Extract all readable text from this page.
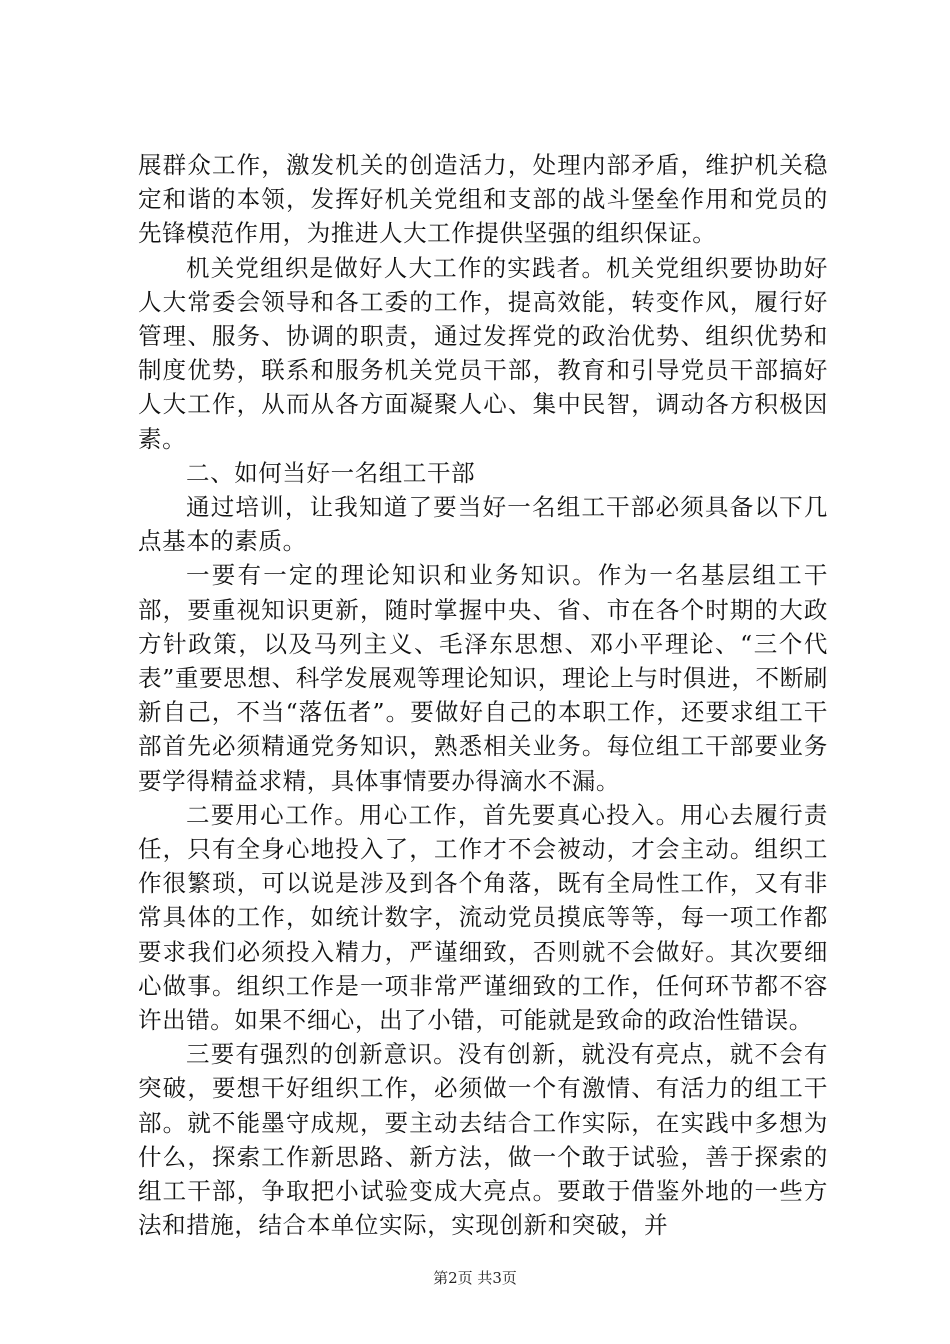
展群众工作，激发机关的创造活力，处理内部矛盾，维护机关稳定和谐的本领，发挥好机关党组和支部的战斗堡垒作用和党员的先锋模范作用，为推进人大工作提供坚强的组织保证。

机关党组织是做好人大工作的实践者。机关党组织要协助好人大常委会领导和各工委的工作，提高效能，转变作风，履行好管理、服务、协调的职责，通过发挥党的政治优势、组织优势和制度优势，联系和服务机关党员干部，教育和引导党员干部搞好人大工作，从而从各方面凝聚人心、集中民智，调动各方积极因素。

二、如何当好一名组工干部

通过培训，让我知道了要当好一名组工干部必须具备以下几点基本的素质。

一要有一定的理论知识和业务知识。作为一名基层组工干部，要重视知识更新，随时掌握中央、省、市在各个时期的大政方针政策，以及马列主义、毛泽东思想、邓小平理论、“三个代表”重要思想、科学发展观等理论知识，理论上与时俱进，不断刷新自己，不当“落伍者”。要做好自己的本职工作，还要求组工干部首先必须精通党务知识，熟悉相关业务。每位组工干部要业务要学得精益求精，具体事情要办得滴水不漏。

二要用心工作。用心工作，首先要真心投入。用心去履行责任，只有全身心地投入了，工作才不会被动，才会主动。组织工作很繁琐，可以说是涉及到各个角落，既有全局性工作，又有非常具体的工作，如统计数字，流动党员摸底等等，每一项工作都要求我们必须投入精力，严谨细致，否则就不会做好。其次要细心做事。组织工作是一项非常严谨细致的工作，任何环节都不容许出错。如果不细心，出了小错，可能就是致命的政治性错误。

三要有强烈的创新意识。没有创新，就没有亮点，就不会有突破，要想干好组织工作，必须做一个有激情、有活力的组工干部。就不能墨守成规，要主动去结合工作实际，在实践中多想为什么，探索工作新思路、新方法，做一个敢于试验，善于探索的组工干部，争取把小试验变成大亮点。要敢于借鉴外地的一些方法和措施，结合本单位实际，实现创新和突破，并

第2页 共3页
